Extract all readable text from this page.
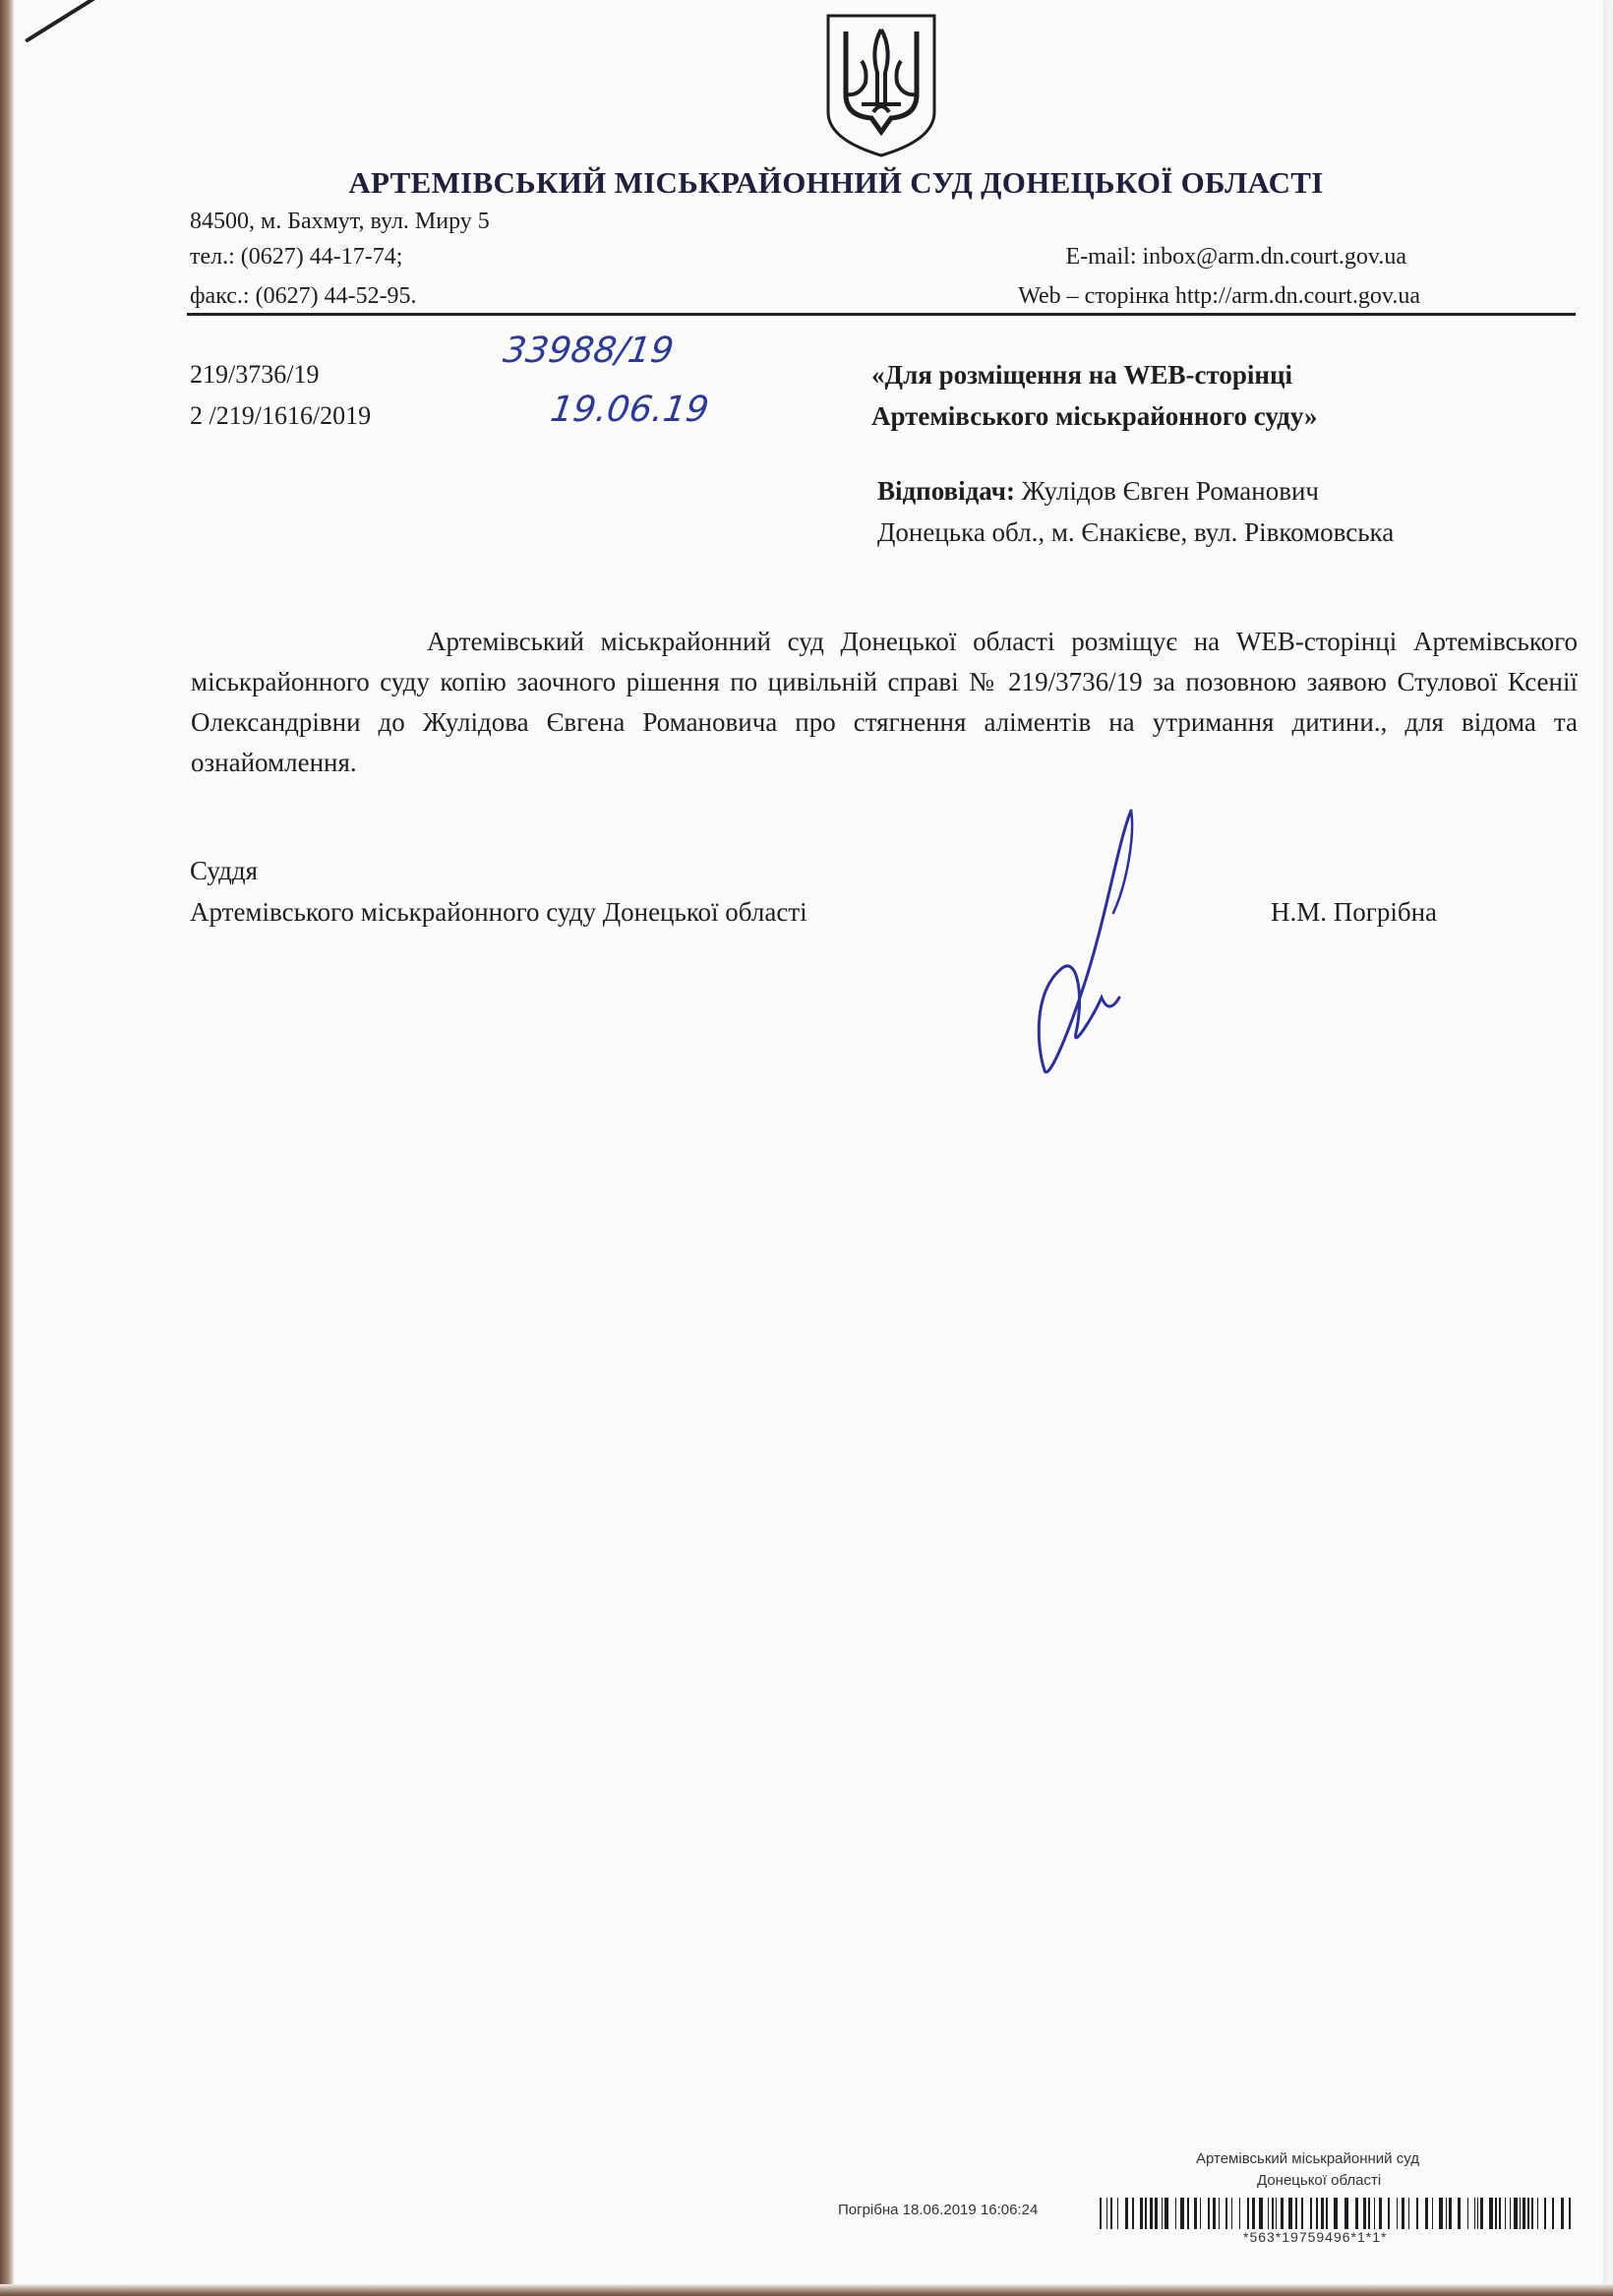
АРТЕМІВСЬКИЙ МІСЬКРАЙОННИЙ СУД ДОНЕЦЬКОЇ ОБЛАСТІ
84500, м. Бахмут, вул. Миру 5
тел.: (0627) 44-17-74;
факс.: (0627) 44-52-95.
E-mail: inbox@arm.dn.court.gov.ua
Web – сторінка http://arm.dn.court.gov.ua
219/3736/19
2 /219/1616/2019
33988/19
19.06.19
«Для розміщення на WEB-сторінці
Артемівського міськрайонного суду»
Відповідач: Жулідов Євген Романович
Донецька обл., м. Єнакієве, вул. Рівкомовська
Артемівський міськрайонний суд Донецької області розміщує на WEB-сторінці Артемівського міськрайонного суду копію заочного рішення по цивільній справі № 219/3736/19 за позовною заявою Стулової Ксенії Олександрівни до Жулідова Євгена Романовича про стягнення аліментів на утримання дитини., для відома та ознайомлення.
Суддя
Артемівського міськрайонного суду Донецької області	Н.М. Погрібна
Артемівський міськрайонний суд
Донецької області
Погрібна 18.06.2019 16:06:24
*563*19759496*1*1*
